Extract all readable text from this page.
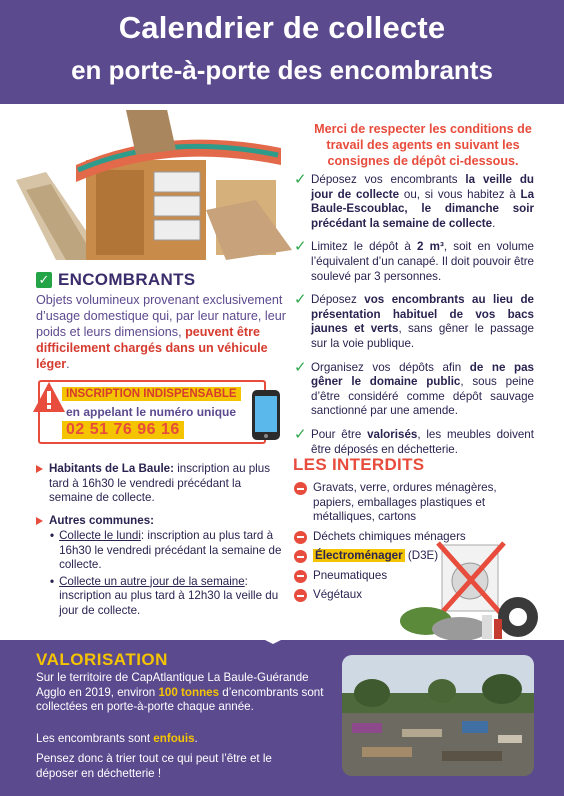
Calendrier de collecte
en porte-à-porte des encombrants
✓ ENCOMBRANTS
Objets volumineux provenant exclusivement d’usage domestique qui, par leur nature, leur poids et leurs dimensions, peuvent être difficilement chargés dans un véhicule léger.
INSCRIPTION INDISPENSABLE
en appelant le numéro unique
02 51 76 96 16
Habitants de La Baule: inscription au plus tard à 16h30 le vendredi précédant la semaine de collecte.
Autres communes:
• Collecte le lundi: inscription au plus tard à 16h30 le vendredi précédant la semaine de collecte.
• Collecte un autre jour de la semaine: inscription au plus tard à 12h30 la veille du jour de collecte.
Merci de respecter les conditions de travail des agents en suivant les consignes de dépôt ci-dessous.
✓ Déposez vos encombrants la veille du jour de collecte ou, si vous habitez à La Baule-Escoublac, le dimanche soir précédant la semaine de collecte.
✓ Limitez le dépôt à 2 m³, soit en volume l’équivalent d’un canapé. Il doit pouvoir être soulevé par 3 personnes.
✓ Déposez vos encombrants au lieu de présentation habituel de vos bacs jaunes et verts, sans gêner le passage sur la voie publique.
✓ Organisez vos dépôts afin de ne pas gêner le domaine public, sous peine d’être considéré comme dépôt sauvage sanctionné par une amende.
✓ Pour être valorisés, les meubles doivent être déposés en déchetterie.
LES INTERDITS
Gravats, verre, ordures ménagères, papiers, emballages plastiques et métalliques, cartons
Déchets chimiques ménagers
Électroménager (D3E)
Pneumatiques
Végétaux
VALORISATION
Sur le territoire de CapAtlantique La Baule-Guérande Agglo en 2019, environ 100 tonnes d’encombrants sont collectées en porte-à-porte chaque année.
Les encombrants sont enfouis.
Pensez donc à trier tout ce qui peut l’être et le déposer en déchetterie !
